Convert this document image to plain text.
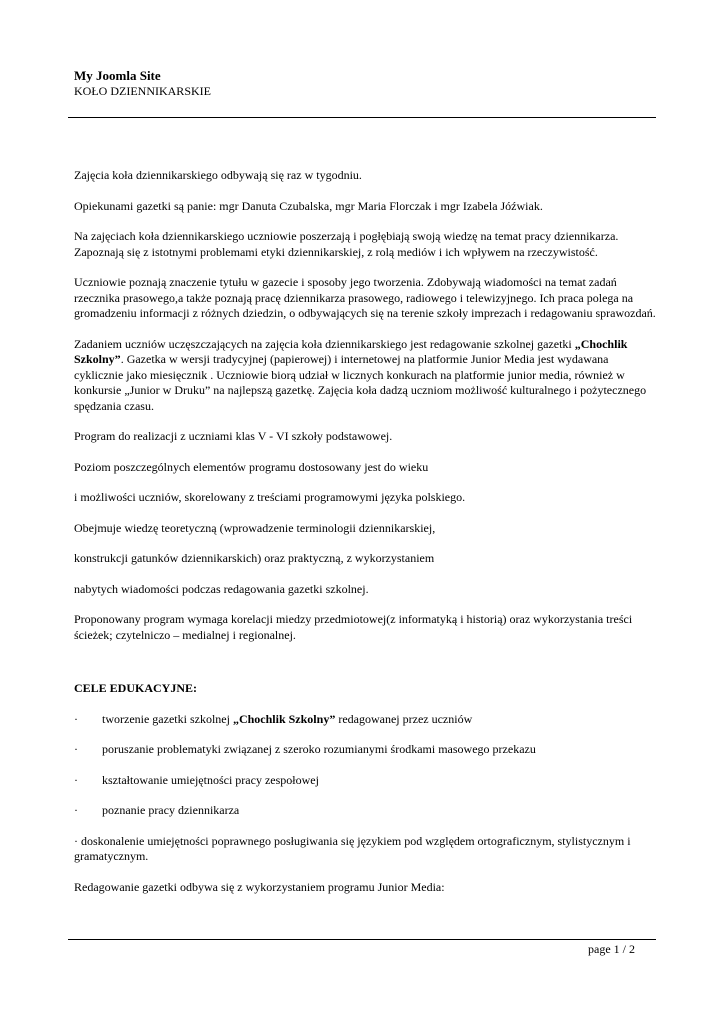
My Joomla Site
KOŁO DZIENNIKARSKIE

Zajęcia koła dziennikarskiego odbywają się raz w tygodniu.

Opiekunami gazetki są panie: mgr Danuta Czubalska, mgr Maria Florczak i mgr Izabela Jóźwiak.

Na zajęciach koła dziennikarskiego uczniowie poszerzają i pogłębiają swoją wiedzę na temat pracy dziennikarza. Zapoznają się z istotnymi problemami etyki dziennikarskiej, z rolą mediów i ich wpływem na rzeczywistość.

Uczniowie poznają znaczenie tytułu w gazecie i sposoby jego tworzenia. Zdobywają wiadomości na temat zadań rzecznika prasowego,a także poznają pracę dziennikarza prasowego, radiowego i telewizyjnego. Ich praca polega na gromadzeniu informacji z różnych dziedzin, o odbywających się na terenie szkoły imprezach i redagowaniu sprawozdań.

Zadaniem uczniów uczęszczających na zajęcia koła dziennikarskiego jest redagowanie szkolnej gazetki „Chochlik Szkolny”. Gazetka w wersji tradycyjnej (papierowej) i internetowej na platformie Junior Media jest wydawana cyklicznie jako miesięcznik . Uczniowie biorą udział w licznych konkurach na platformie junior media, również w konkursie „Junior w Druku” na najlepszą gazetkę. Zajęcia koła dadzą uczniom możliwość kulturalnego i pożytecznego spędzania czasu.

Program do realizacji z uczniami klas V - VI szkoły podstawowej.

Poziom poszczególnych elementów programu dostosowany jest do wieku

i możliwości uczniów, skorelowany z treściami programowymi języka polskiego.

Obejmuje wiedzę teoretyczną (wprowadzenie terminologii dziennikarskiej,

konstrukcji gatunków dziennikarskich) oraz praktyczną, z wykorzystaniem

nabytych wiadomości podczas redagowania gazetki szkolnej.

Proponowany program wymaga korelacji miedzy przedmiotowej(z informatyką i historią) oraz wykorzystania treści ścieżek; czytelniczo – medialnej i regionalnej.

CELE EDUKACYJNE:

·	tworzenie gazetki szkolnej „Chochlik Szkolny” redagowanej przez uczniów
·	poruszanie problematyki związanej z szeroko rozumianymi środkami masowego przekazu
·	kształtowanie umiejętności pracy zespołowej
·	poznanie pracy dziennikarza

· doskonalenie umiejętności poprawnego posługiwania się językiem pod względem ortograficznym, stylistycznym i gramatycznym.

Redagowanie gazetki odbywa się z wykorzystaniem programu Junior Media:

page 1 / 2
